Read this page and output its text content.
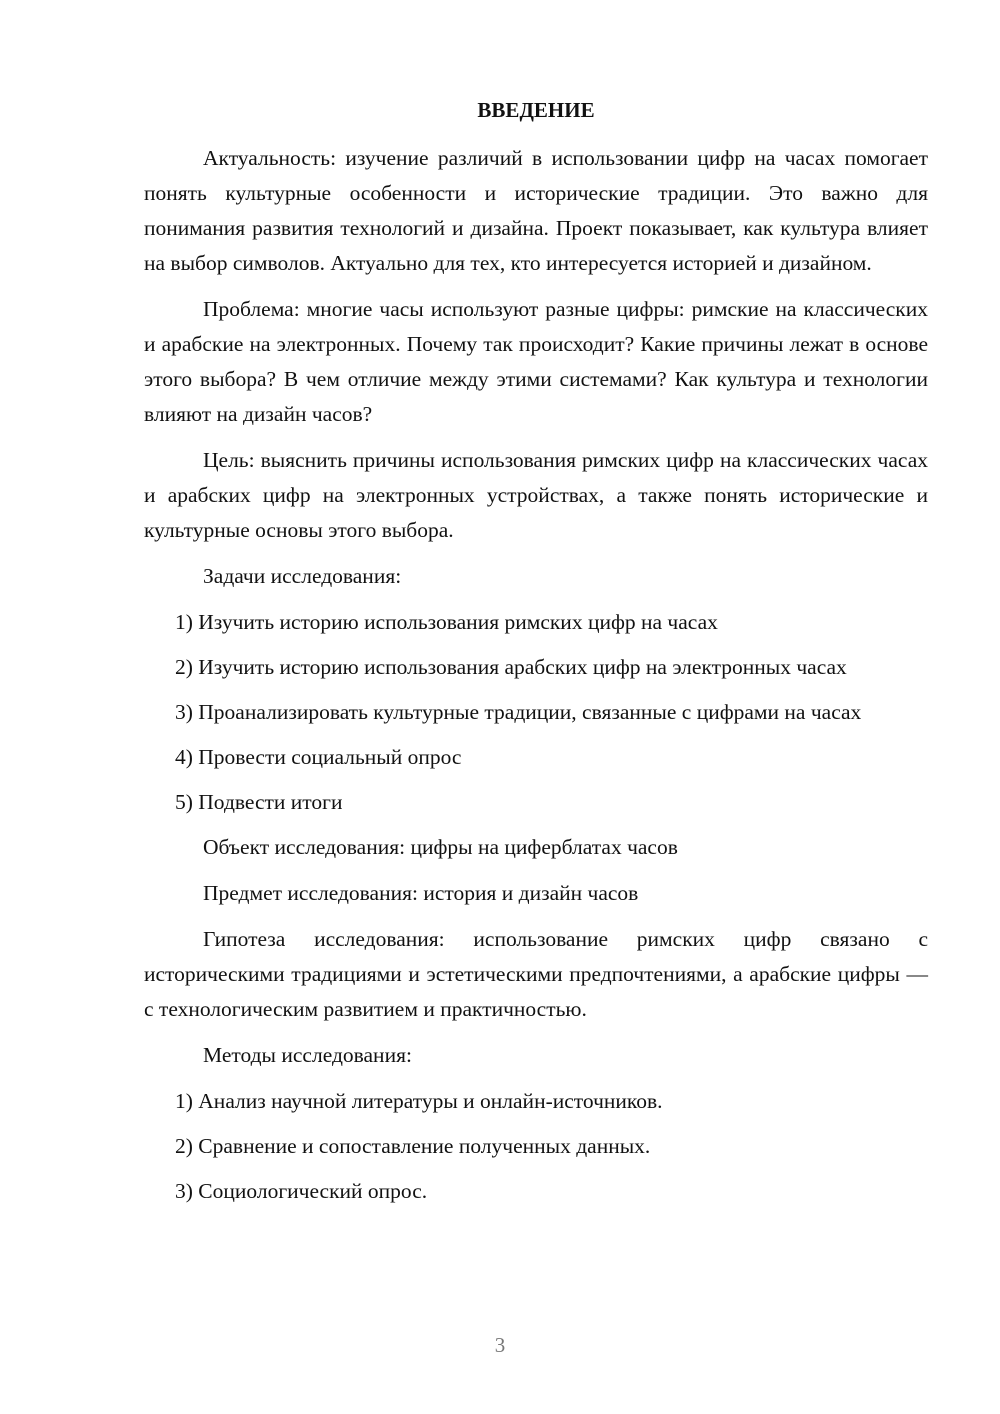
ВВЕДЕНИЕ
Актуальность: изучение различий в использовании цифр на часах помогает понять культурные особенности и исторические традиции. Это важно для понимания развития технологий и дизайна. Проект показывает, как культура влияет на выбор символов. Актуально для тех, кто интересуется историей и дизайном.
Проблема: многие часы используют разные цифры: римские на классических и арабские на электронных. Почему так происходит? Какие причины лежат в основе этого выбора? В чем отличие между этими системами? Как культура и технологии влияют на дизайн часов?
Цель: выяснить причины использования римских цифр на классических часах и арабских цифр на электронных устройствах, а также понять исторические и культурные основы этого выбора.
Задачи исследования:
1) Изучить историю использования римских цифр на часах
2) Изучить историю использования арабских цифр на электронных часах
3) Проанализировать культурные традиции, связанные с цифрами на часах
4) Провести социальный опрос
5) Подвести итоги
Объект исследования: цифры на циферблатах часов
Предмет исследования: история и дизайн часов
Гипотеза исследования: использование римских цифр связано с историческими традициями и эстетическими предпочтениями, а арабские цифры — с технологическим развитием и практичностью.
Методы исследования:
1) Анализ научной литературы и онлайн-источников.
2) Сравнение и сопоставление полученных данных.
3) Социологический опрос.
3
